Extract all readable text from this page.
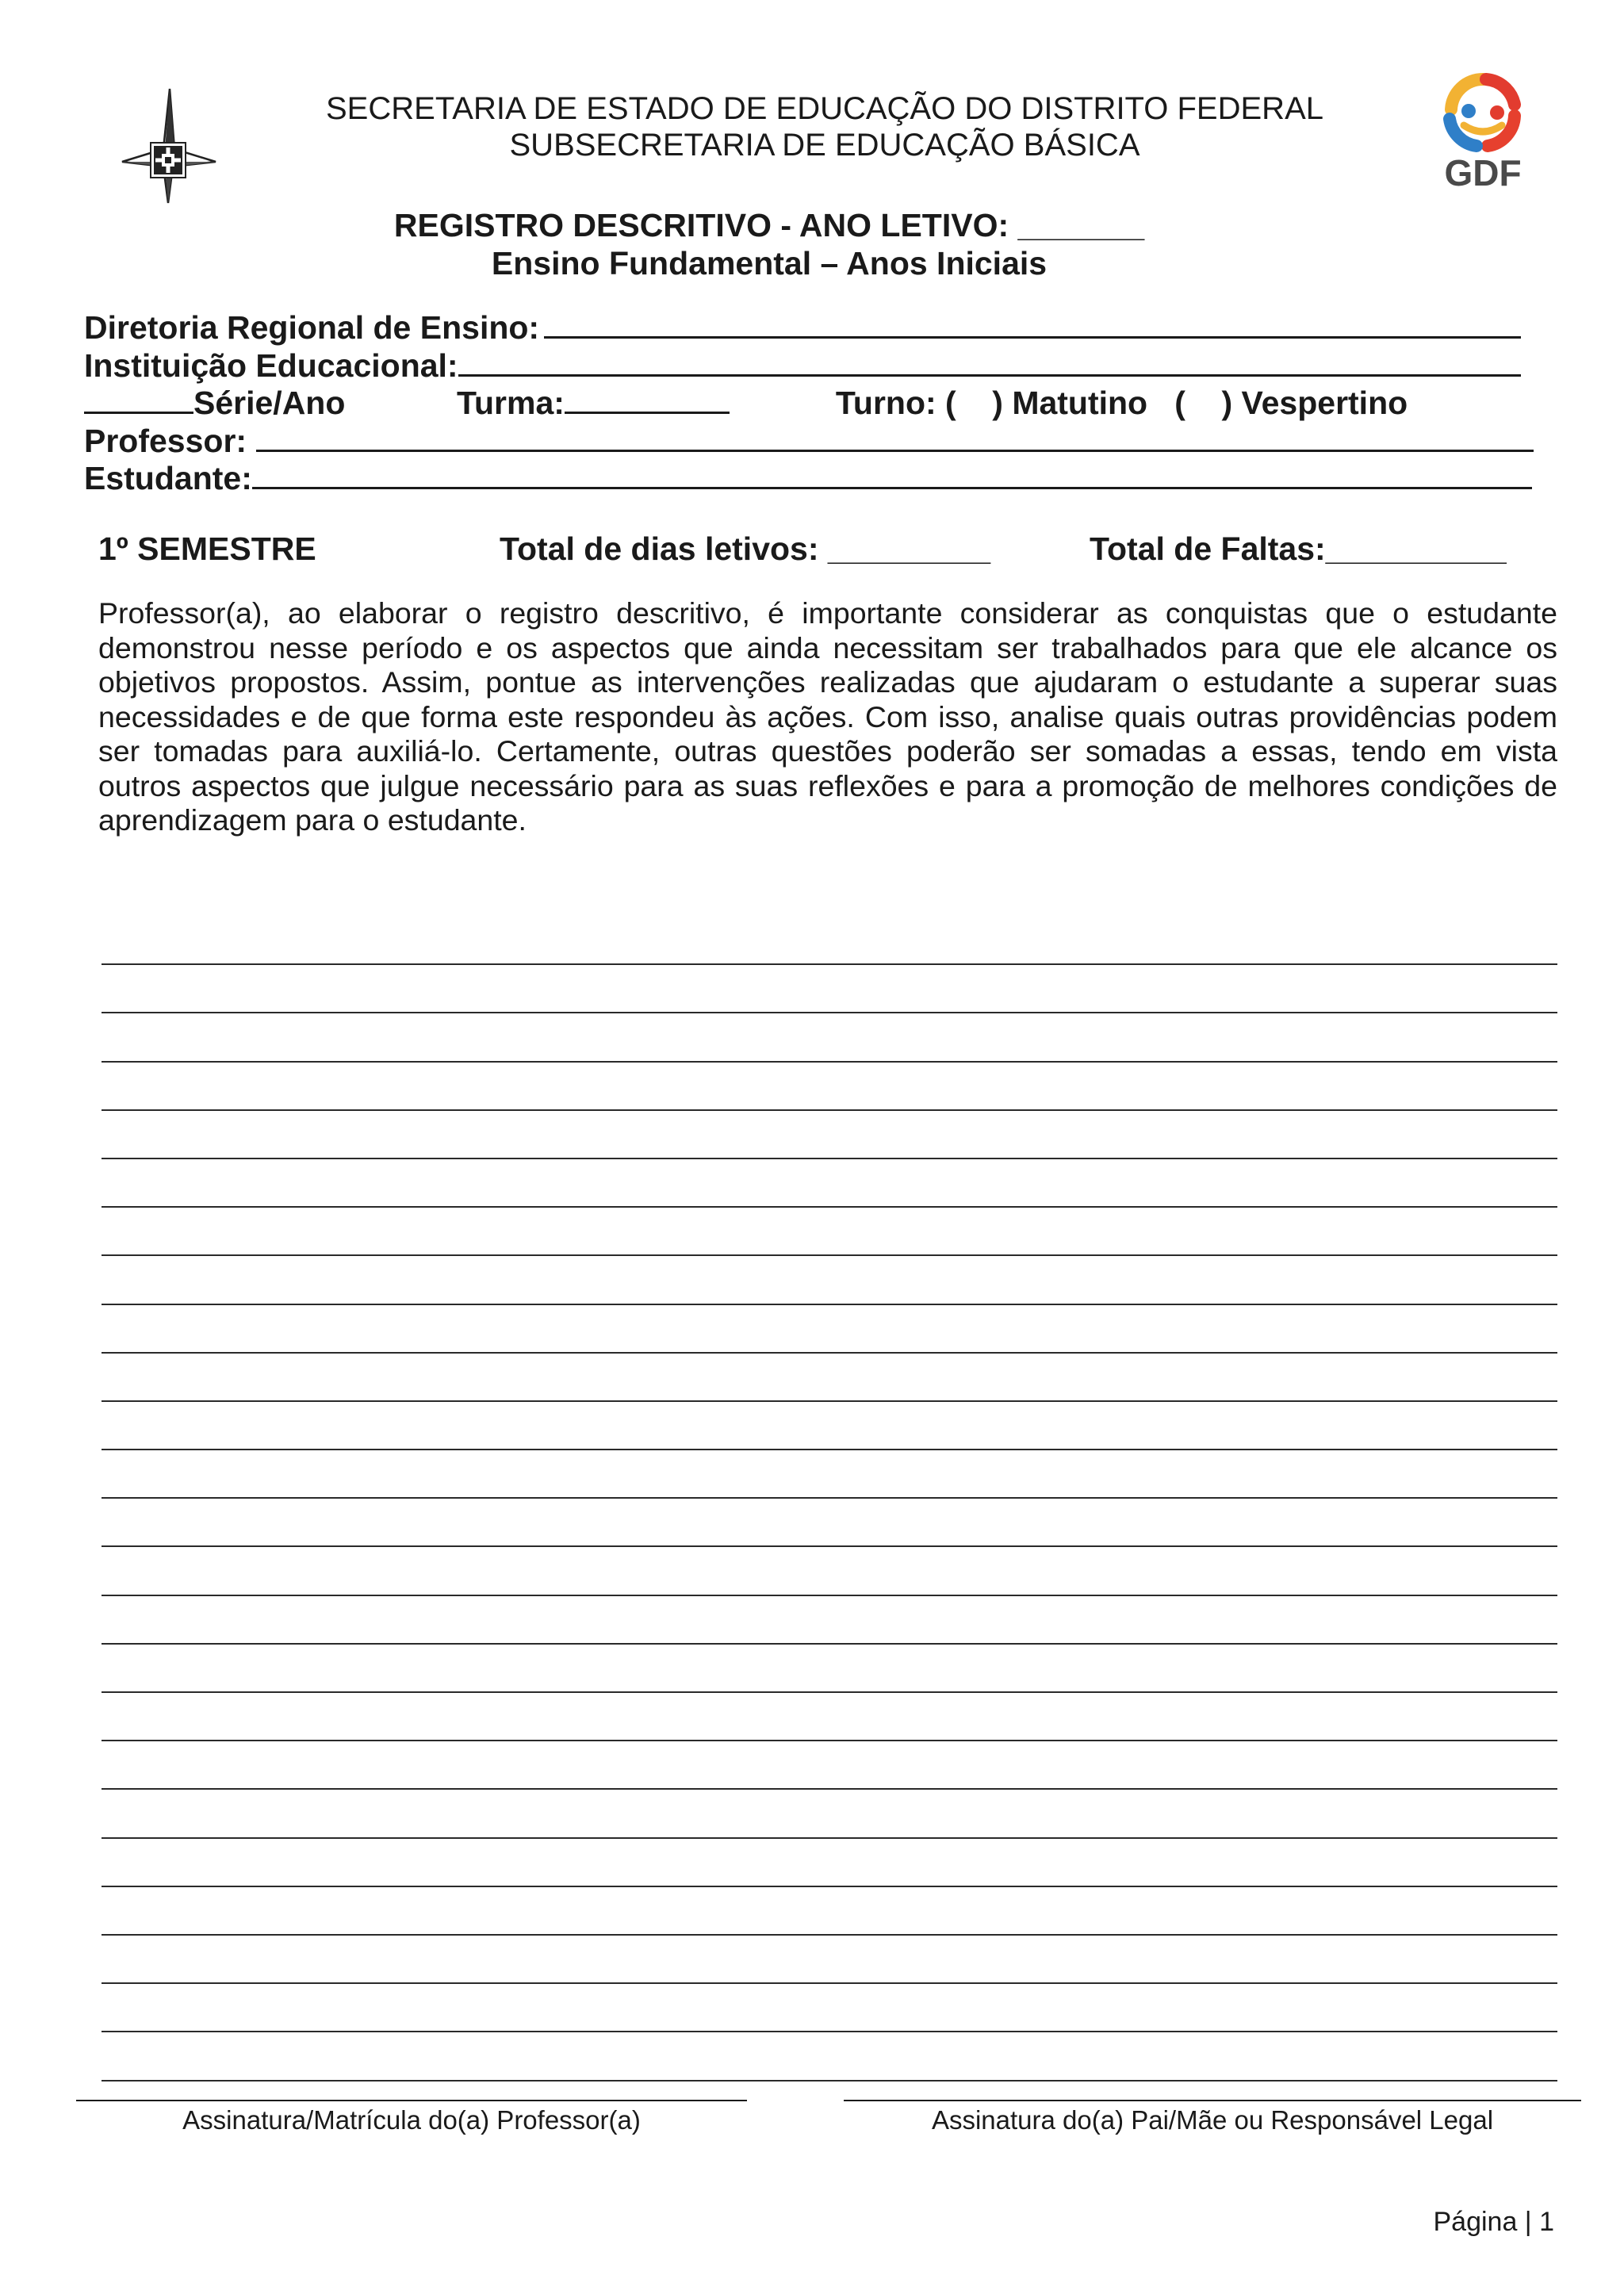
SECRETARIA DE ESTADO DE EDUCAÇÃO DO DISTRITO FEDERAL
SUBSECRETARIA DE EDUCAÇÃO BÁSICA
GDF
REGISTRO DESCRITIVO - ANO LETIVO: _______
Ensino Fundamental – Anos Iniciais
Diretoria Regional de Ensino:
Instituição Educacional:
Série/Ano	Turma:	Turno: (    ) Matutino   (    ) Vespertino
Professor:
Estudante:
1º SEMESTRE	Total de dias letivos: _________	Total de Faltas:__________
Professor(a), ao elaborar o registro descritivo, é importante considerar as conquistas que o estudante demonstrou nesse período e os aspectos que ainda necessitam ser trabalhados para que ele alcance os objetivos propostos. Assim, pontue as intervenções realizadas que ajudaram o estudante a superar suas necessidades e de que forma este respondeu às ações. Com isso, analise quais outras providências podem ser tomadas para auxiliá-lo. Certamente, outras questões poderão ser somadas a essas, tendo em vista outros aspectos que julgue necessário para as suas reflexões e para a promoção de melhores condições de aprendizagem para o estudante.
Assinatura/Matrícula do(a) Professor(a)	Assinatura do(a) Pai/Mãe ou Responsável Legal
Página | 1
